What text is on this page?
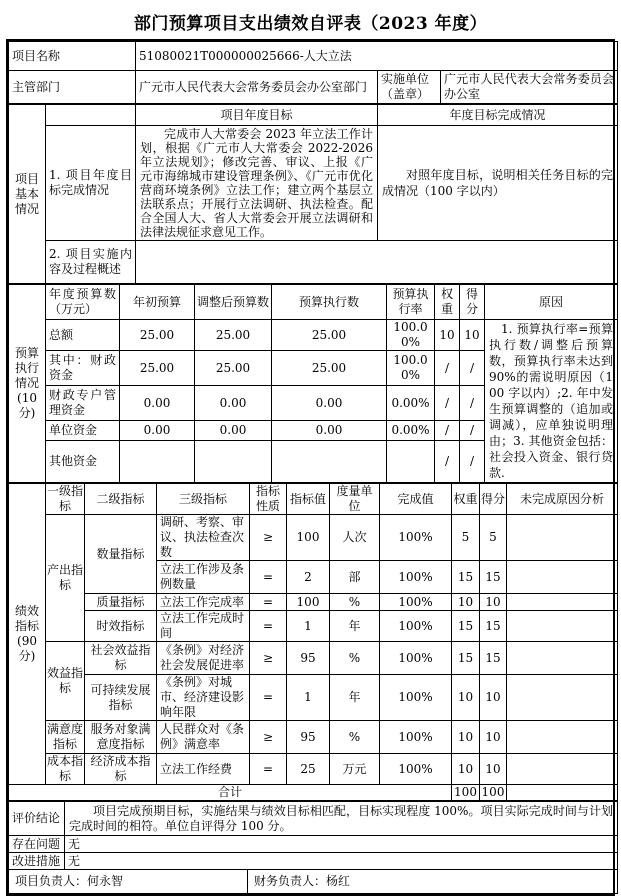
部门预算项目支出绩效自评表（2023 年度）
项目名称	51080021T000000025666-人大立法		
主管部门	广元市人民代表大会常务委员会办公室部门	实施单位（盖章）	广元市人民代表大会常务委员会办公室
项目基本情况		项目年度目标	年度目标完成情况
	1. 项目年度目标完成情况	完成市人大常委会 2023 年立法工作计划，根据《广元市人大常委会 2022-2026 年立法规划》；修改完善、审议、上报《广元市海绵城市建设管理条例》、《广元市优化营商环境条例》立法工作；建立两个基层立法联系点；开展行立法调研、执法检查。配合全国人大、省人大常委会开展立法调研和法律法规征求意见工作。	对照年度目标，说明相关任务目标的完成情况（100 字以内）
	2. 项目实施内容及过程概述		
预算执行情况
(10分)	年度预算数（万元）	年初预算	调整后预算数	预算执行数	预算执行率	权重	得分	原因
	总额	25.00	25.00	25.00	100.00%	10	10	1. 预算执行率=预算执行数/调整后预算数，预算执行率未达到 90%的需说明原因（100 字以内）;2. 年中发生预算调整的（追加或调减），应单独说明理由；3. 其他资金包括：社会投入资金、银行贷款.
	其中：财政资金	25.00	25.00	25.00	100.00%	/	/	
	财政专户管理资金	0.00	0.00	0.00	0.00%	/	/	
	单位资金	0.00	0.00	0.00	0.00%	/	/	
	其他资金					/	/	
绩效指标
(90分)	一级指标	二级指标	三级指标	指标性质	指标值	度量单位	完成值	权重	得分	未完成原因分析
	产出指标	数量指标	调研、考察、审议、执法检查次数	≥	100	人次	100%	5	5	
			立法工作涉及条例数量	=	2	部	100%	15	15	
		质量指标	立法工作完成率	=	100	%	100%	10	10	
		时效指标	立法工作完成时间	=	1	年	100%	15	15	
	效益指标	社会效益指标	《条例》对经济社会发展促进率	≥	95	%	100%	15	15	
		可持续发展指标	《条例》对城市、经济建设影响年限	=	1	年	100%	10	10	
	满意度指标	服务对象满意度指标	人民群众对《条例》满意率	≥	95	%	100%	10	10	
	成本指标	经济成本指标	立法工作经费	=	25	万元	100%	10	10	
合计								100	100	
评价结论	项目完成预期目标，实施结果与绩效目标相匹配，目标实现程度 100%。项目实际完成时间与计划完成时间的相符。单位自评得分 100 分。	
存在问题	无	
改进措施	无	
项目负责人：何永智		财务负责人：杨红
